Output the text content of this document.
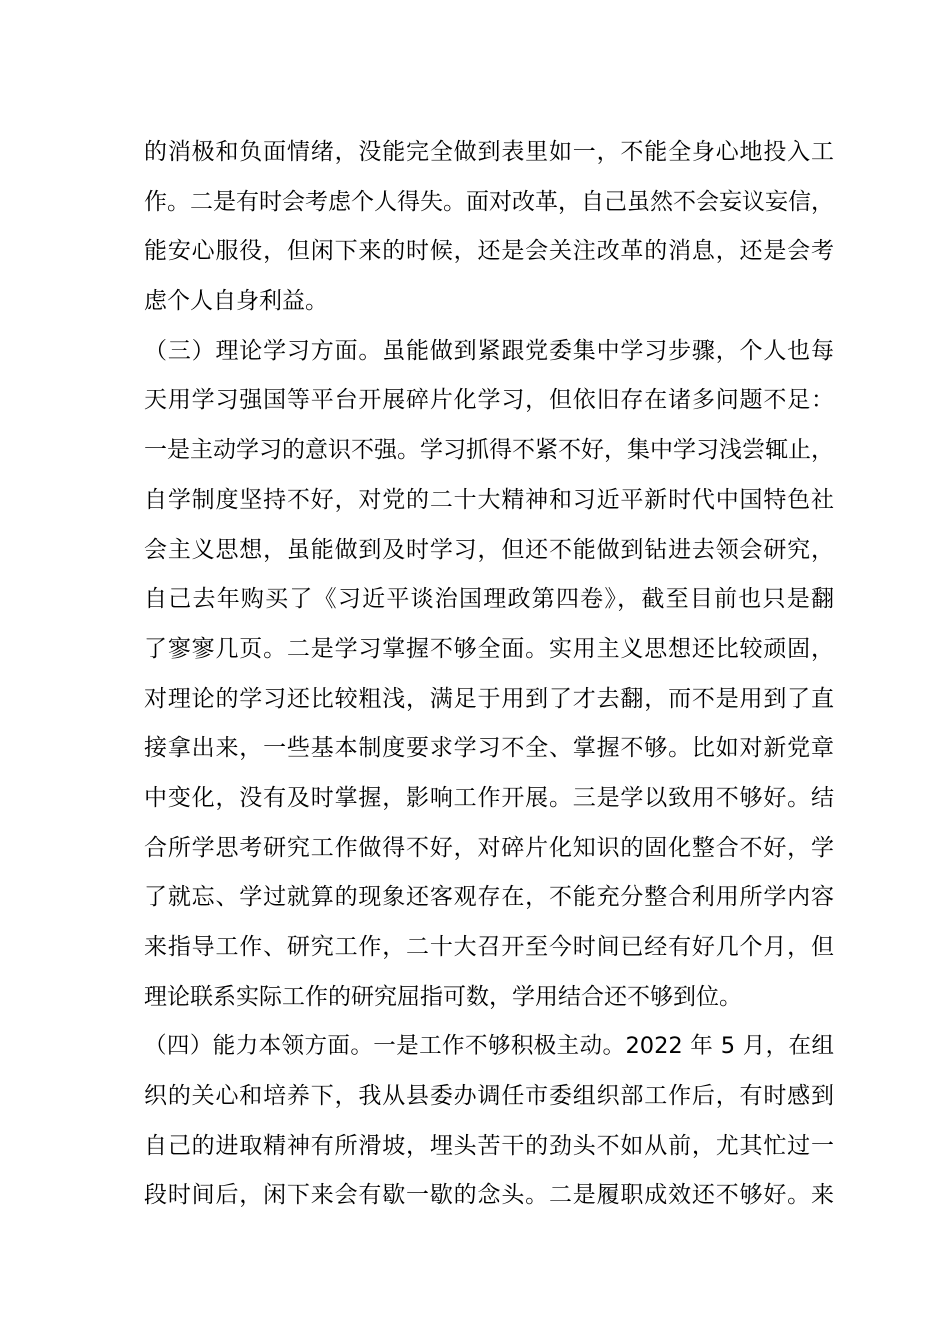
的消极和负面情绪，没能完全做到表里如一，不能全身心地投入工
作。二是有时会考虑个人得失。面对改革，自己虽然不会妄议妄信，
能安心服役，但闲下来的时候，还是会关注改革的消息，还是会考
虑个人自身利益。
（三）理论学习方面。虽能做到紧跟党委集中学习步骤，个人也每
天用学习强国等平台开展碎片化学习，但依旧存在诸多问题不足：
一是主动学习的意识不强。学习抓得不紧不好，集中学习浅尝辄止，
自学制度坚持不好，对党的二十大精神和习近平新时代中国特色社
会主义思想，虽能做到及时学习，但还不能做到钻进去领会研究，
自己去年购买了《习近平谈治国理政第四卷》，截至目前也只是翻
了寥寥几页。二是学习掌握不够全面。实用主义思想还比较顽固，
对理论的学习还比较粗浅，满足于用到了才去翻，而不是用到了直
接拿出来，一些基本制度要求学习不全、掌握不够。比如对新党章
中变化，没有及时掌握，影响工作开展。三是学以致用不够好。结
合所学思考研究工作做得不好，对碎片化知识的固化整合不好，学
了就忘、学过就算的现象还客观存在，不能充分整合利用所学内容
来指导工作、研究工作，二十大召开至今时间已经有好几个月，但
理论联系实际工作的研究屈指可数，学用结合还不够到位。
（四）能力本领方面。一是工作不够积极主动。2022 年 5 月，在组
织的关心和培养下，我从县委办调任市委组织部工作后，有时感到
自己的进取精神有所滑坡，埋头苦干的劲头不如从前，尤其忙过一
段时间后，闲下来会有歇一歇的念头。二是履职成效还不够好。来
